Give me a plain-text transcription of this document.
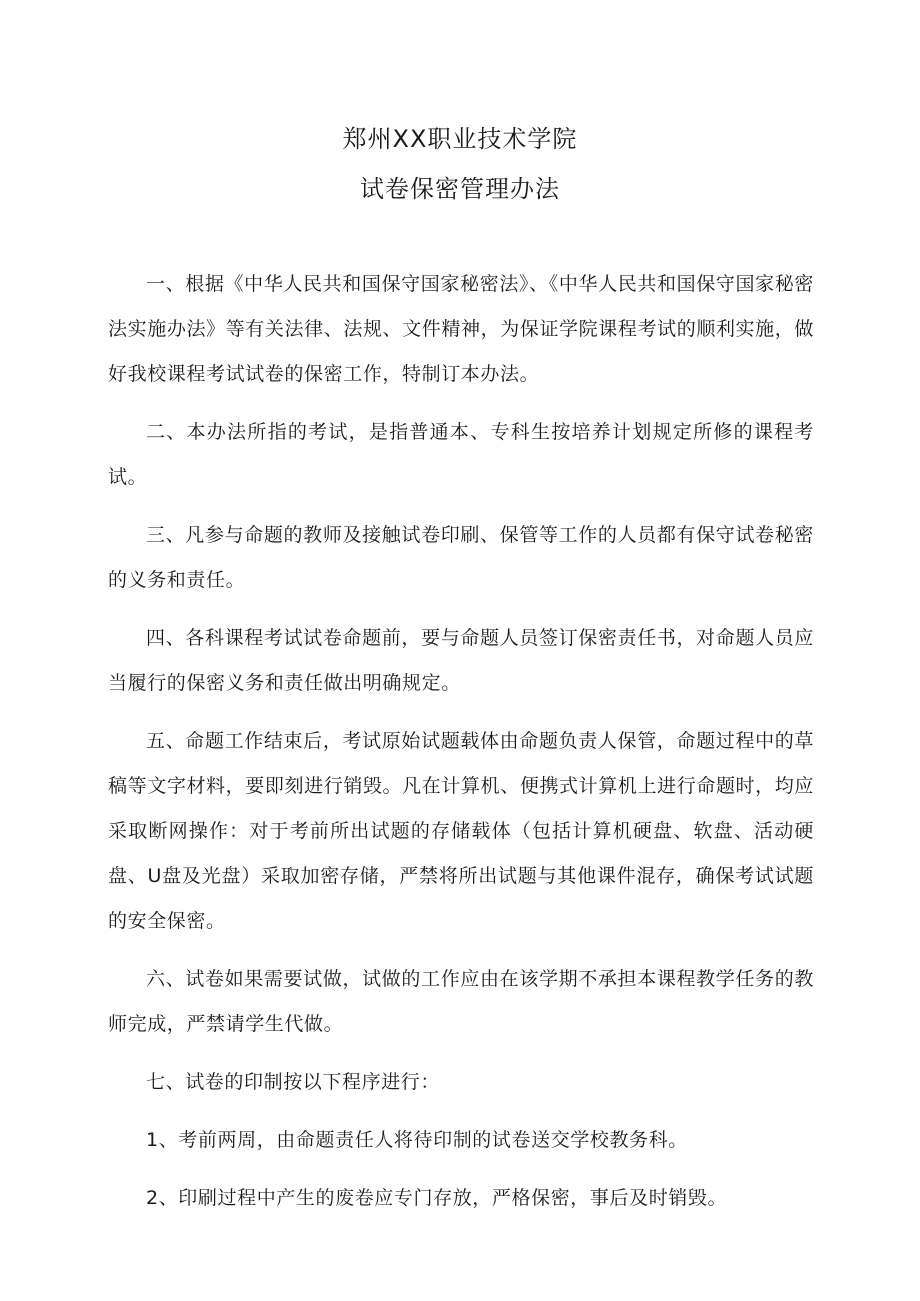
郑州XX职业技术学院
试卷保密管理办法

一、根据《中华人民共和国保守国家秘密法》、《中华人民共和国保守国家秘密法实施办法》等有关法律、法规、文件精神，为保证学院课程考试的顺利实施，做好我校课程考试试卷的保密工作，特制订本办法。

二、本办法所指的考试，是指普通本、专科生按培养计划规定所修的课程考试。

三、凡参与命题的教师及接触试卷印刷、保管等工作的人员都有保守试卷秘密的义务和责任。

四、各科课程考试试卷命题前，要与命题人员签订保密责任书，对命题人员应当履行的保密义务和责任做出明确规定。

五、命题工作结束后，考试原始试题载体由命题负责人保管，命题过程中的草稿等文字材料，要即刻进行销毁。凡在计算机、便携式计算机上进行命题时，均应采取断网操作：对于考前所出试题的存储载体（包括计算机硬盘、软盘、活动硬盘、U盘及光盘）采取加密存储，严禁将所出试题与其他课件混存，确保考试试题的安全保密。

六、试卷如果需要试做，试做的工作应由在该学期不承担本课程教学任务的教师完成，严禁请学生代做。

七、试卷的印制按以下程序进行：

1、考前两周，由命题责任人将待印制的试卷送交学校教务科。

2、印刷过程中产生的废卷应专门存放，严格保密，事后及时销毁。
